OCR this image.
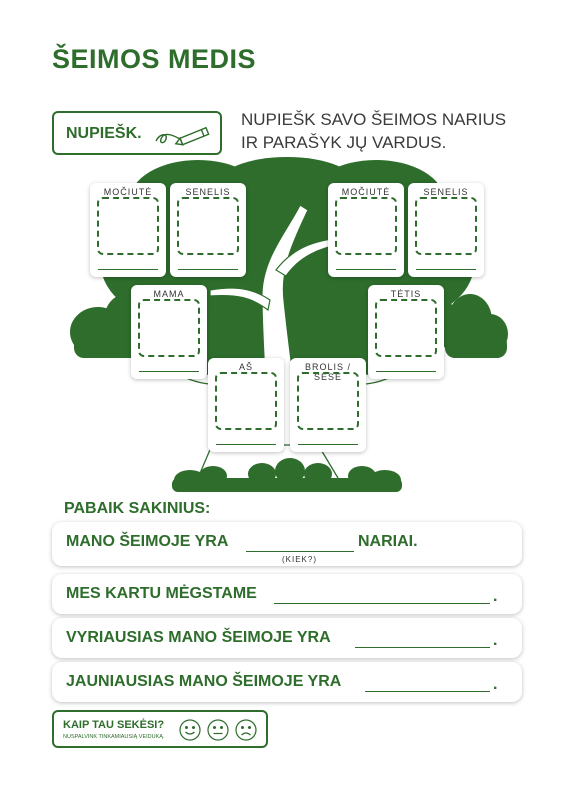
ŠEIMOS MEDIS
NUPIEŠK.
NUPIEŠK SAVO ŠEIMOS NARIUS
IR PARAŠYK JŲ VARDUS.
MOČIUTĖ	SENELIS	MOČIUTĖ	SENELIS
MAMA	TĖTIS
AŠ	BROLIS / SESĖ
PABAIK SAKINIUS:
MANO ŠEIMOJE YRA	NARIAI.
(KIEK?)
MES KARTU MĖGSTAME	.
VYRIAUSIAS MANO ŠEIMOJE YRA	.
JAUNIAUSIAS MANO ŠEIMOJE YRA	.
KAIP TAU SEKĖSI?
NUSPALVINK TINKAMIAUSIĄ VEIDUKĄ.
